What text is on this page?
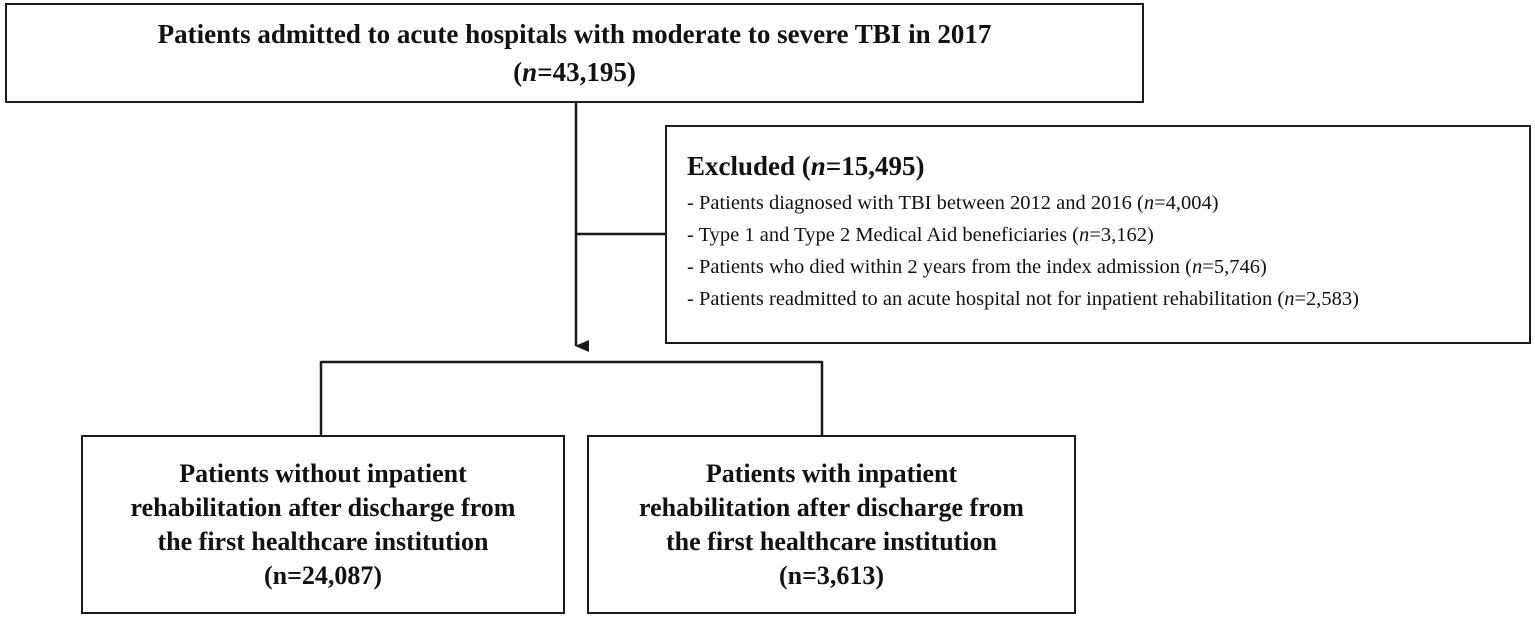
Patients admitted to acute hospitals with moderate to severe TBI in 2017
(n=43,195)
Excluded (n=15,495)
- Patients diagnosed with TBI between 2012 and 2016 (n=4,004)
- Type 1 and Type 2 Medical Aid beneficiaries (n=3,162)
- Patients who died within 2 years from the index admission (n=5,746)
- Patients readmitted to an acute hospital not for inpatient rehabilitation (n=2,583)
Patients without inpatient
rehabilitation after discharge from
the first healthcare institution
(n=24,087)
Patients with inpatient
rehabilitation after discharge from
the first healthcare institution
(n=3,613)
